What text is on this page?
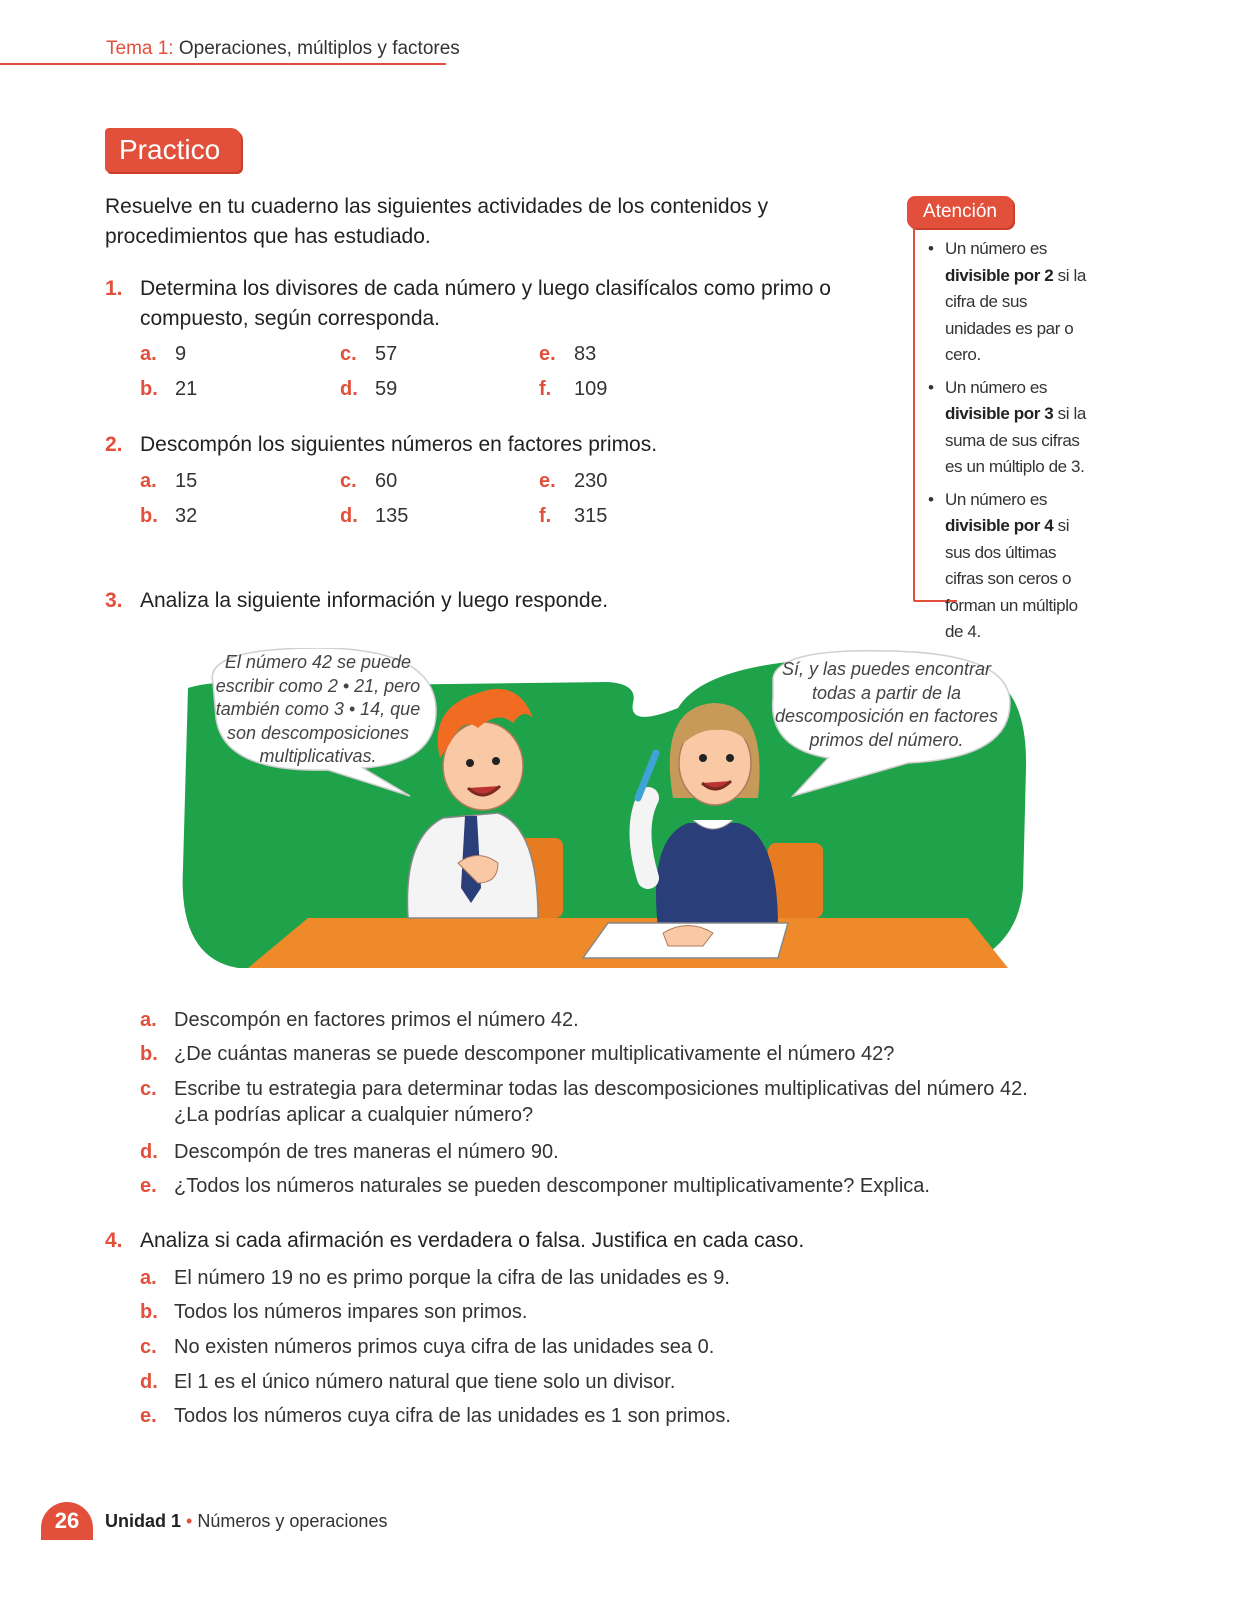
Tema 1: Operaciones, múltiplos y factores
Practico
Resuelve en tu cuaderno las siguientes actividades de los contenidos y procedimientos que has estudiado.
1. Determina los divisores de cada número y luego clasifícalos como primo o compuesto, según corresponda.
a. 9
b. 21
c. 57
d. 59
e. 83
f. 109
2. Descompón los siguientes números en factores primos.
a. 15
b. 32
c. 60
d. 135
e. 230
f. 315
Atención
• Un número es divisible por 2 si la cifra de sus unidades es par o cero.
• Un número es divisible por 3 si la suma de sus cifras es un múltiplo de 3.
• Un número es divisible por 4 si sus dos últimas cifras son ceros o forman un múltiplo de 4.
3. Analiza la siguiente información y luego responde.
El número 42 se puede escribir como 2 • 21, pero también como 3 • 14, que son descomposiciones multiplicativas.
Sí, y las puedes encontrar todas a partir de la descomposición en factores primos del número.
a. Descompón en factores primos el número 42.
b. ¿De cuántas maneras se puede descomponer multiplicativamente el número 42?
c. Escribe tu estrategia para determinar todas las descomposiciones multiplicativas del número 42.
¿La podrías aplicar a cualquier número?
d. Descompón de tres maneras el número 90.
e. ¿Todos los números naturales se pueden descomponer multiplicativamente? Explica.
4. Analiza si cada afirmación es verdadera o falsa. Justifica en cada caso.
a. El número 19 no es primo porque la cifra de las unidades es 9.
b. Todos los números impares son primos.
c. No existen números primos cuya cifra de las unidades sea 0.
d. El 1 es el único número natural que tiene solo un divisor.
e. Todos los números cuya cifra de las unidades es 1 son primos.
26	Unidad 1 • Números y operaciones
